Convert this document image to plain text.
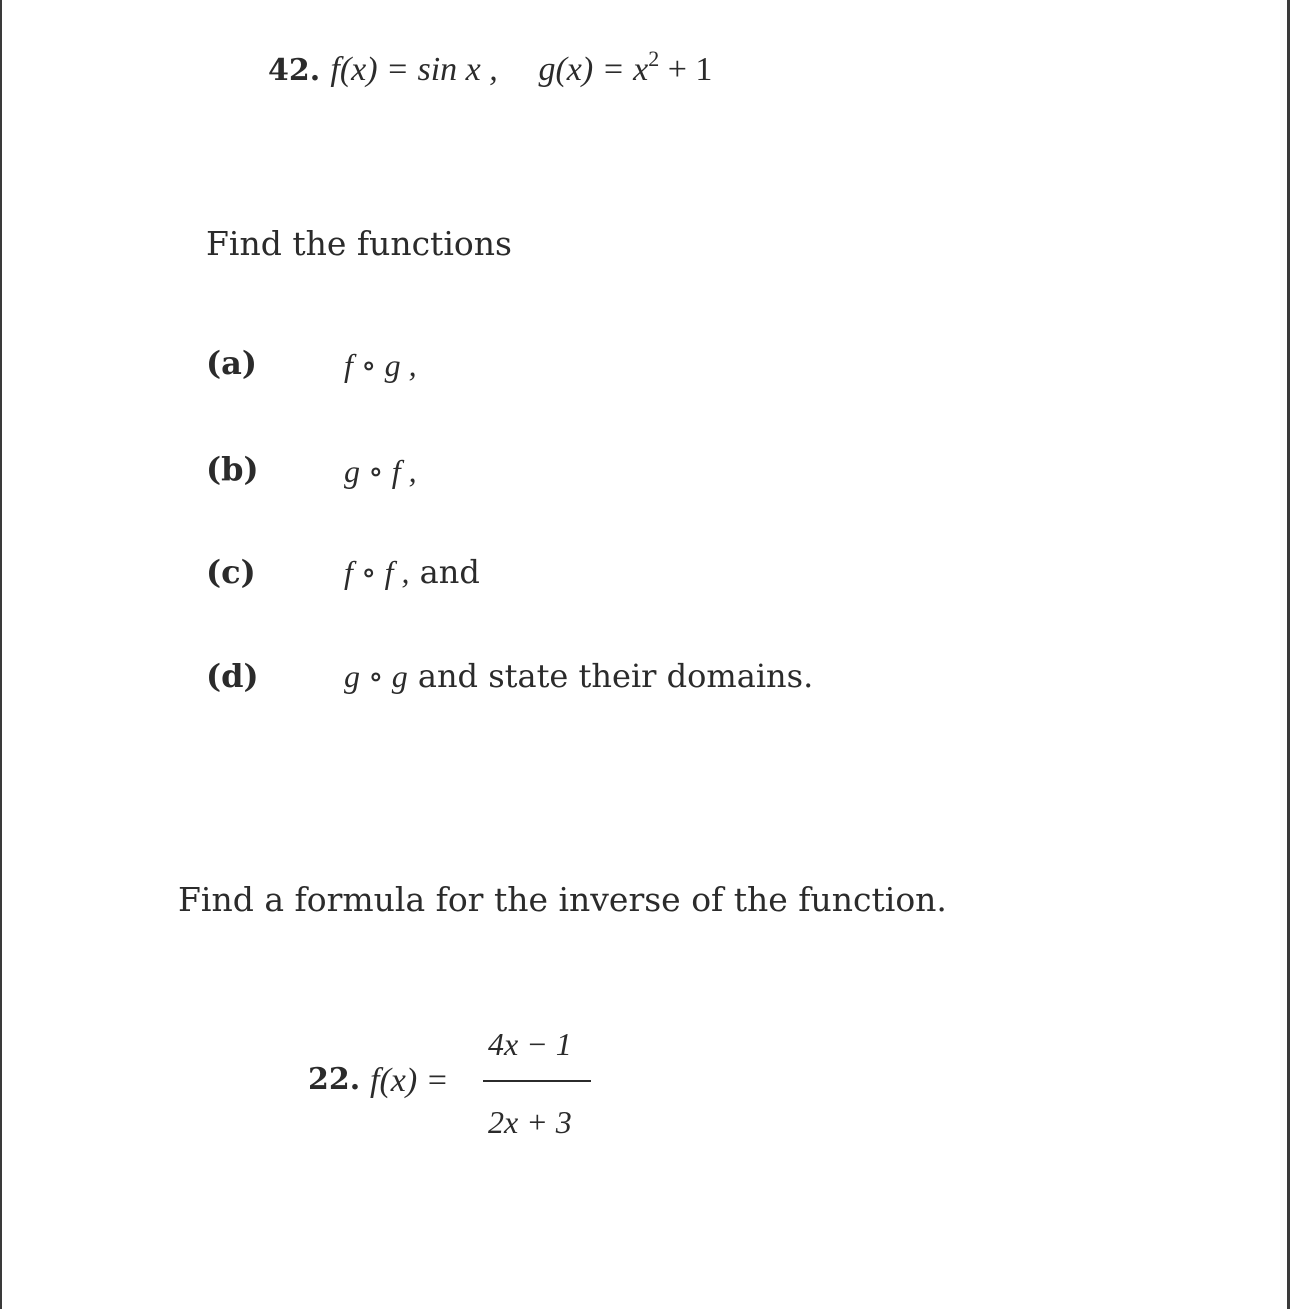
42. f(x) = sin x , $g(x) = x^2 + 1$
Find the functions
(a)	f ∘ g ,
(b)	g ∘ f ,
(c)	f ∘ f , and
(d)	g ∘ g and state their domains.
Find a formula for the inverse of the function.
22. f(x) =
4x − 1
2x + 3
